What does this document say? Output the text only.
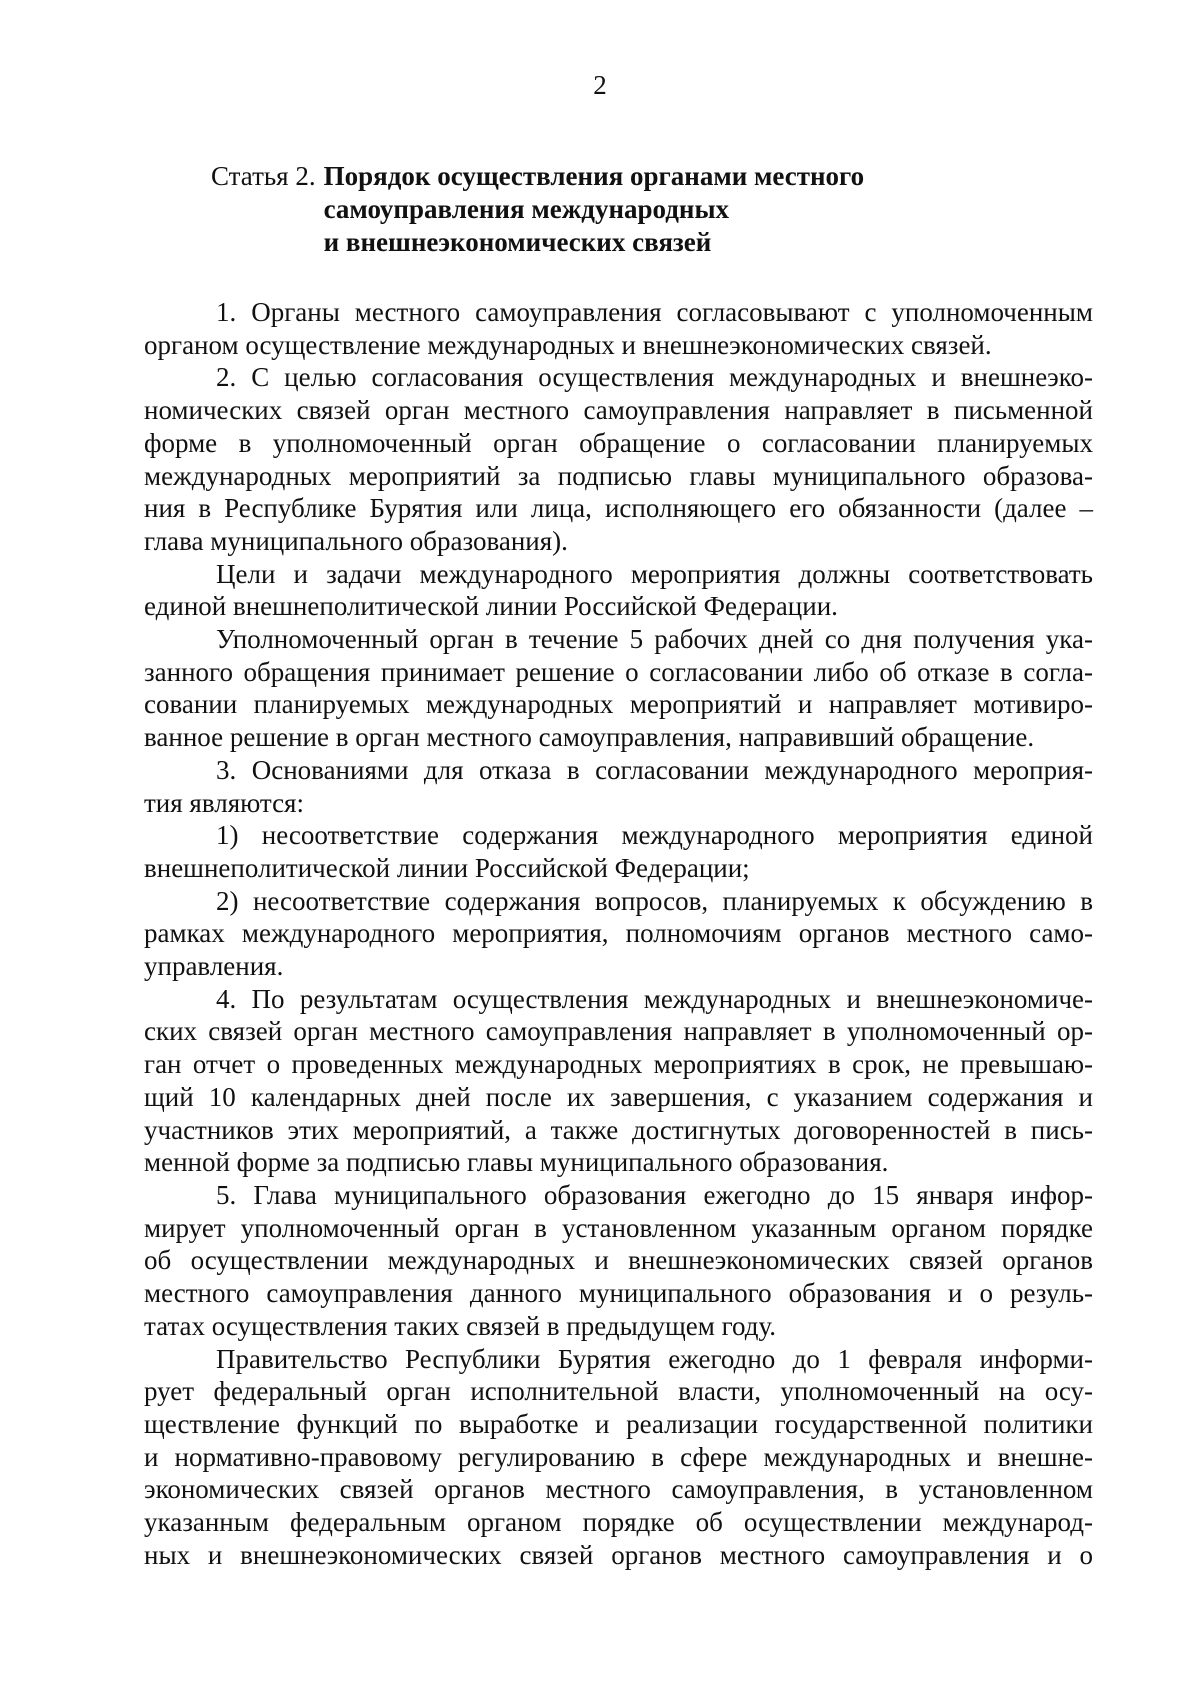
2
Статья 2. Порядок осуществления органами местного
самоуправления международных
и внешнеэкономических связей
1. Органы местного самоуправления согласовывают с уполномоченным
органом осуществление международных и внешнеэкономических связей.
2. С целью согласования осуществления международных и внешнеэко-
номических связей орган местного самоуправления направляет в письменной
форме в уполномоченный орган обращение о согласовании планируемых
международных мероприятий за подписью главы муниципального образова-
ния в Республике Бурятия или лица, исполняющего его обязанности (далее –
глава муниципального образования).
Цели и задачи международного мероприятия должны соответствовать
единой внешнеполитической линии Российской Федерации.
Уполномоченный орган в течение 5 рабочих дней со дня получения ука-
занного обращения принимает решение о согласовании либо об отказе в согла-
совании планируемых международных мероприятий и направляет мотивиро-
ванное решение в орган местного самоуправления, направивший обращение.
3. Основаниями для отказа в согласовании международного мероприя-
тия являются:
1) несоответствие содержания международного мероприятия единой
внешнеполитической линии Российской Федерации;
2) несоответствие содержания вопросов, планируемых к обсуждению в
рамках международного мероприятия, полномочиям органов местного само-
управления.
4. По результатам осуществления международных и внешнеэкономиче-
ских связей орган местного самоуправления направляет в уполномоченный ор-
ган отчет о проведенных международных мероприятиях в срок, не превышаю-
щий 10 календарных дней после их завершения, с указанием содержания и
участников этих мероприятий, а также достигнутых договоренностей в пись-
менной форме за подписью главы муниципального образования.
5. Глава муниципального образования ежегодно до 15 января инфор-
мирует уполномоченный орган в установленном указанным органом порядке
об осуществлении международных и внешнеэкономических связей органов
местного самоуправления данного муниципального образования и о резуль-
татах осуществления таких связей в предыдущем году.
Правительство Республики Бурятия ежегодно до 1 февраля информи-
рует федеральный орган исполнительной власти, уполномоченный на осу-
ществление функций по выработке и реализации государственной политики
и нормативно-правовому регулированию в сфере международных и внешне-
экономических связей органов местного самоуправления, в установленном
указанным федеральным органом порядке об осуществлении международ-
ных и внешнеэкономических связей органов местного самоуправления и о
